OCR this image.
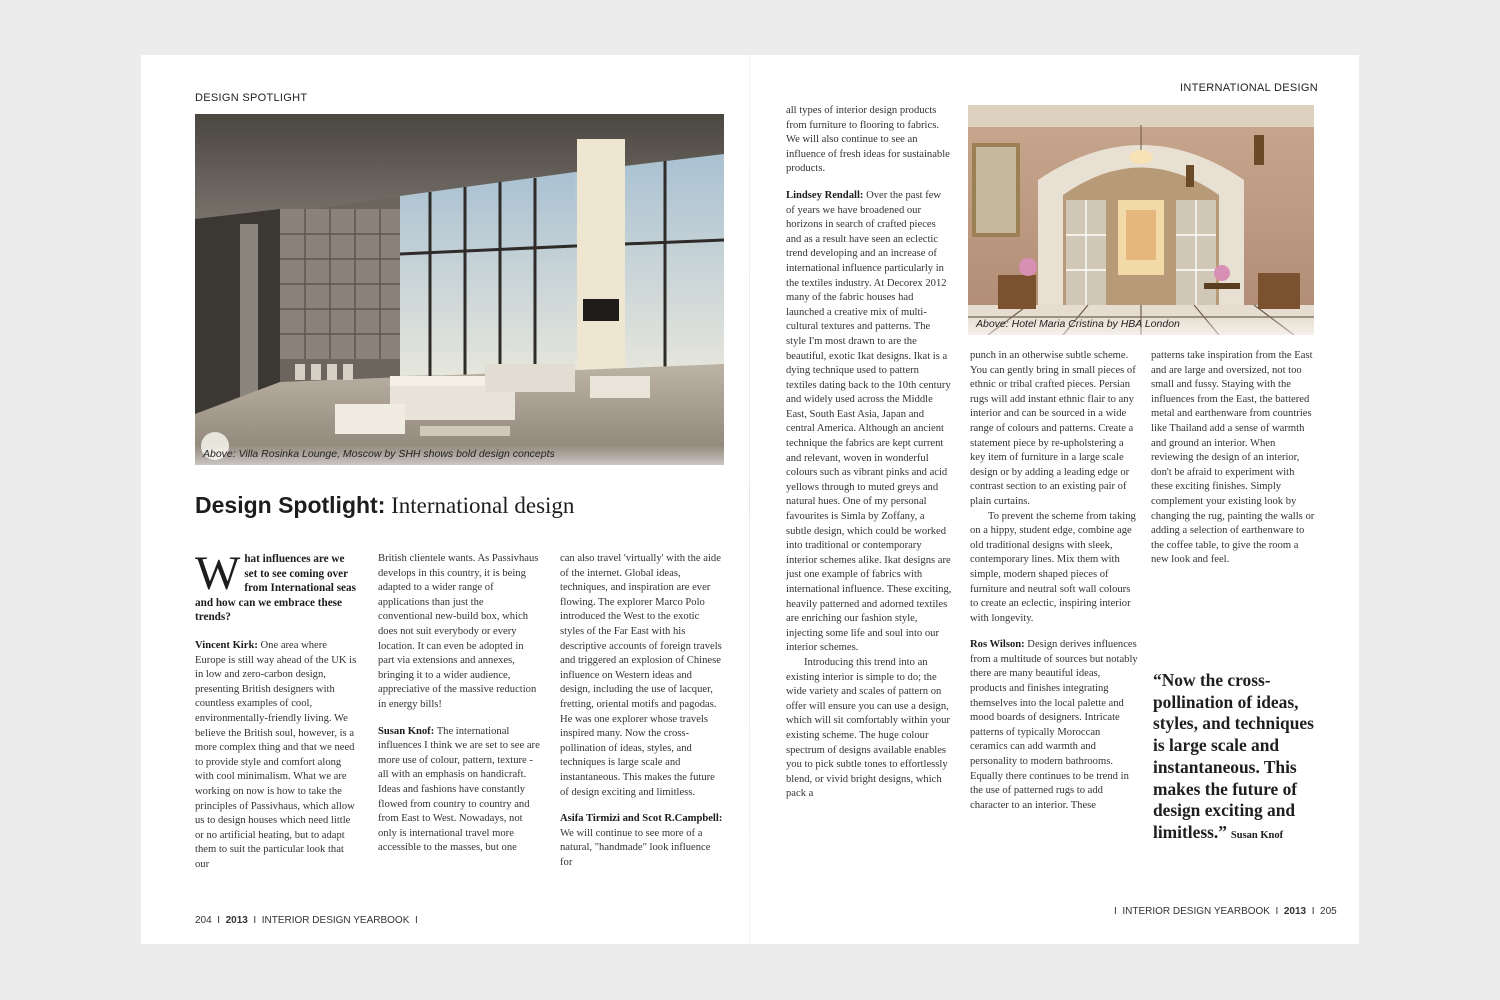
DESIGN SPOTLIGHT
Above: Villa Rosinka Lounge, Moscow by SHH shows bold design concepts
Design Spotlight: International design

What influences are we set to see coming over from International seas and how can we embrace these trends?

Vincent Kirk: One area where Europe is still way ahead of the UK is in low and zero-carbon design, presenting British designers with countless examples of cool, environmentally-friendly living. We believe the British soul, however, is a more complex thing and that we need to provide style and comfort along with cool minimalism. What we are working on now is how to take the principles of Passivhaus, which allow us to design houses which need little or no artificial heating, but to adapt them to suit the particular look that our

British clientele wants. As Passivhaus develops in this country, it is being adapted to a wider range of applications than just the conventional new-build box, which does not suit everybody or every location. It can even be adopted in part via extensions and annexes, bringing it to a wider audience, appreciative of the massive reduction in energy bills!

Susan Knof: The international influences I think we are set to see are more use of colour, pattern, texture - all with an emphasis on handicraft. Ideas and fashions have constantly flowed from country to country and from East to West. Nowadays, not only is international travel more accessible to the masses, but one

can also travel 'virtually' with the aide of the internet. Global ideas, techniques, and inspiration are ever flowing. The explorer Marco Polo introduced the West to the exotic styles of the Far East with his descriptive accounts of foreign travels and triggered an explosion of Chinese influence on Western ideas and design, including the use of lacquer, fretting, oriental motifs and pagodas. He was one explorer whose travels inspired many. Now the cross-pollination of ideas, styles, and techniques is large scale and instantaneous. This makes the future of design exciting and limitless.

Asifa Tirmizi and Scot R.Campbell: We will continue to see more of a natural, "handmade" look influence for

204 I 2013 I INTERIOR DESIGN YEARBOOK I
INTERNATIONAL DESIGN
Above: Hotel Maria Cristina by HBA London

all types of interior design products from furniture to flooring to fabrics. We will also continue to see an influence of fresh ideas for sustainable products.

Lindsey Rendall: Over the past few of years we have broadened our horizons in search of crafted pieces and as a result have seen an eclectic trend developing and an increase of international influence particularly in the textiles industry. At Decorex 2012 many of the fabric houses had launched a creative mix of multi-cultural textures and patterns. The style I'm most drawn to are the beautiful, exotic Ikat designs. Ikat is a dying technique used to pattern textiles dating back to the 10th century and widely used across the Middle East, South East Asia, Japan and central America. Although an ancient technique the fabrics are kept current and relevant, woven in wonderful colours such as vibrant pinks and acid yellows through to muted greys and natural hues. One of my personal favourites is Simla by Zoffany, a subtle design, which could be worked into traditional or contemporary interior schemes alike. Ikat designs are just one example of fabrics with international influence. These exciting, heavily patterned and adorned textiles are enriching our fashion style, injecting some life and soul into our interior schemes.

Introducing this trend into an existing interior is simple to do; the wide variety and scales of pattern on offer will ensure you can use a design, which will sit comfortably within your existing scheme. The huge colour spectrum of designs available enables you to pick subtle tones to effortlessly blend, or vivid bright designs, which pack a

punch in an otherwise subtle scheme. You can gently bring in small pieces of ethnic or tribal crafted pieces. Persian rugs will add instant ethnic flair to any interior and can be sourced in a wide range of colours and patterns. Create a statement piece by re-upholstering a key item of furniture in a large scale design or by adding a leading edge or contrast section to an existing pair of plain curtains.

To prevent the scheme from taking on a hippy, student edge, combine age old traditional designs with sleek, contemporary lines. Mix them with simple, modern shaped pieces of furniture and neutral soft wall colours to create an eclectic, inspiring interior with longevity.

Ros Wilson: Design derives influences from a multitude of sources but notably there are many beautiful ideas, products and finishes integrating themselves into the local palette and mood boards of designers. Intricate patterns of typically Moroccan ceramics can add warmth and personality to modern bathrooms. Equally there continues to be trend in the use of patterned rugs to add character to an interior. These

patterns take inspiration from the East and are large and oversized, not too small and fussy. Staying with the influences from the East, the battered metal and earthenware from countries like Thailand add a sense of warmth and ground an interior. When reviewing the design of an interior, don't be afraid to experiment with these exciting finishes. Simply complement your existing look by changing the rug, painting the walls or adding a selection of earthenware to the coffee table, to give the room a new look and feel.

I INTERIOR DESIGN YEARBOOK I 2013 I 205
“Now the cross-pollination of ideas, styles, and techniques is large scale and instantaneous. This makes the future of design exciting and limitless.” Susan Knof
